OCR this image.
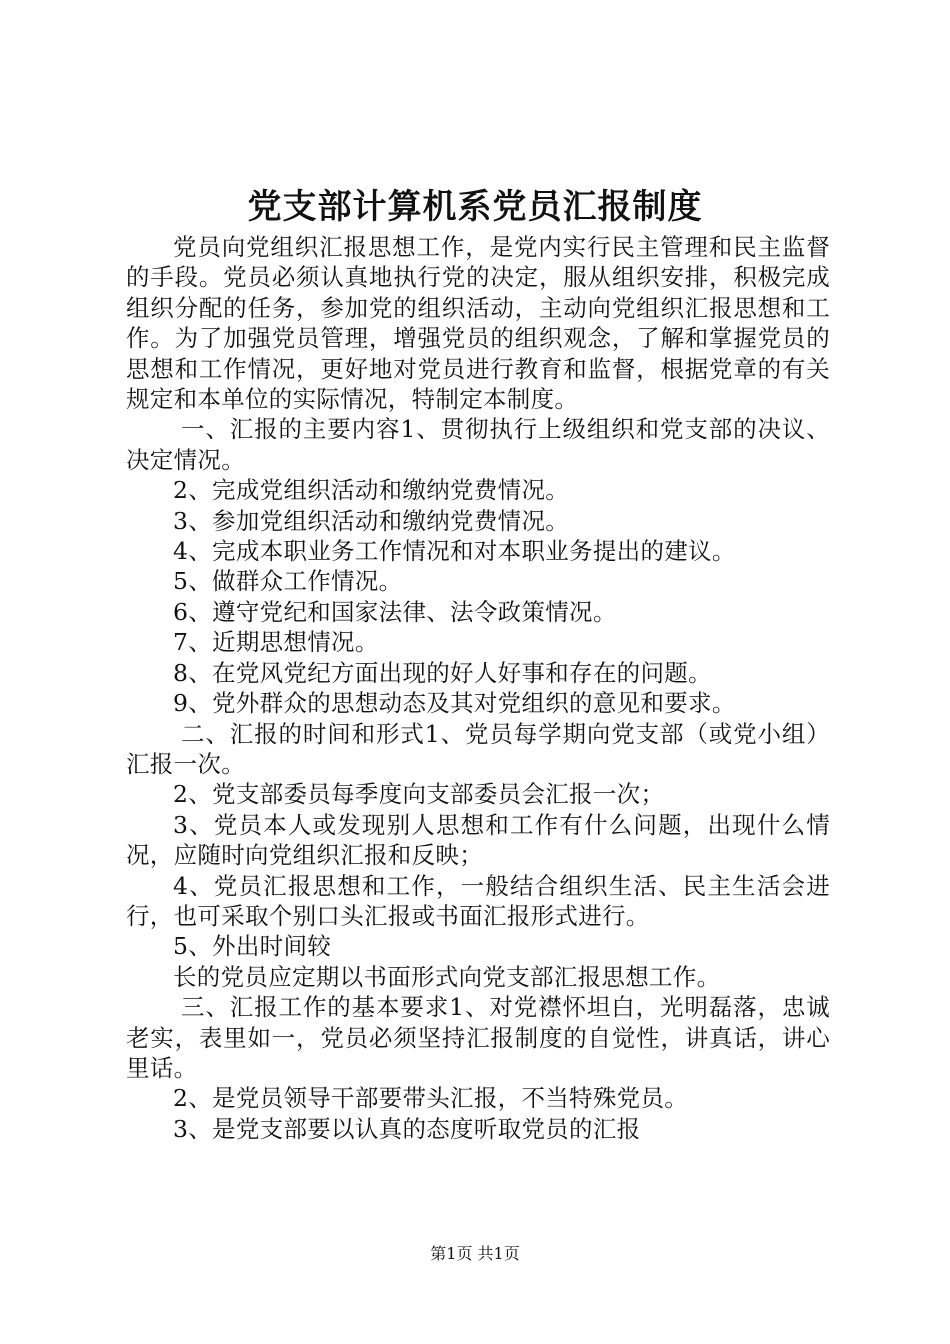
党支部计算机系党员汇报制度

党员向党组织汇报思想工作，是党内实行民主管理和民主监督的手段。党员必须认真地执行党的决定，服从组织安排，积极完成组织分配的任务，参加党的组织活动，主动向党组织汇报思想和工作。为了加强党员管理，增强党员的组织观念，了解和掌握党员的思想和工作情况，更好地对党员进行教育和监督，根据党章的有关规定和本单位的实际情况，特制定本制度。

一、汇报的主要内容1、贯彻执行上级组织和党支部的决议、决定情况。

2、完成党组织活动和缴纳党费情况。

3、参加党组织活动和缴纳党费情况。

4、完成本职业务工作情况和对本职业务提出的建议。

5、做群众工作情况。

6、遵守党纪和国家法律、法令政策情况。

7、近期思想情况。

8、在党风党纪方面出现的好人好事和存在的问题。

9、党外群众的思想动态及其对党组织的意见和要求。

二、汇报的时间和形式1、党员每学期向党支部（或党小组）汇报一次。

2、党支部委员每季度向支部委员会汇报一次；

3、党员本人或发现别人思想和工作有什么问题，出现什么情况，应随时向党组织汇报和反映；

4、党员汇报思想和工作，一般结合组织生活、民主生活会进行，也可采取个别口头汇报或书面汇报形式进行。

5、外出时间较

长的党员应定期以书面形式向党支部汇报思想工作。

三、汇报工作的基本要求1、对党襟怀坦白，光明磊落，忠诚老实，表里如一，党员必须坚持汇报制度的自觉性，讲真话，讲心里话。

2、是党员领导干部要带头汇报，不当特殊党员。

3、是党支部要以认真的态度听取党员的汇报

第1页 共1页
